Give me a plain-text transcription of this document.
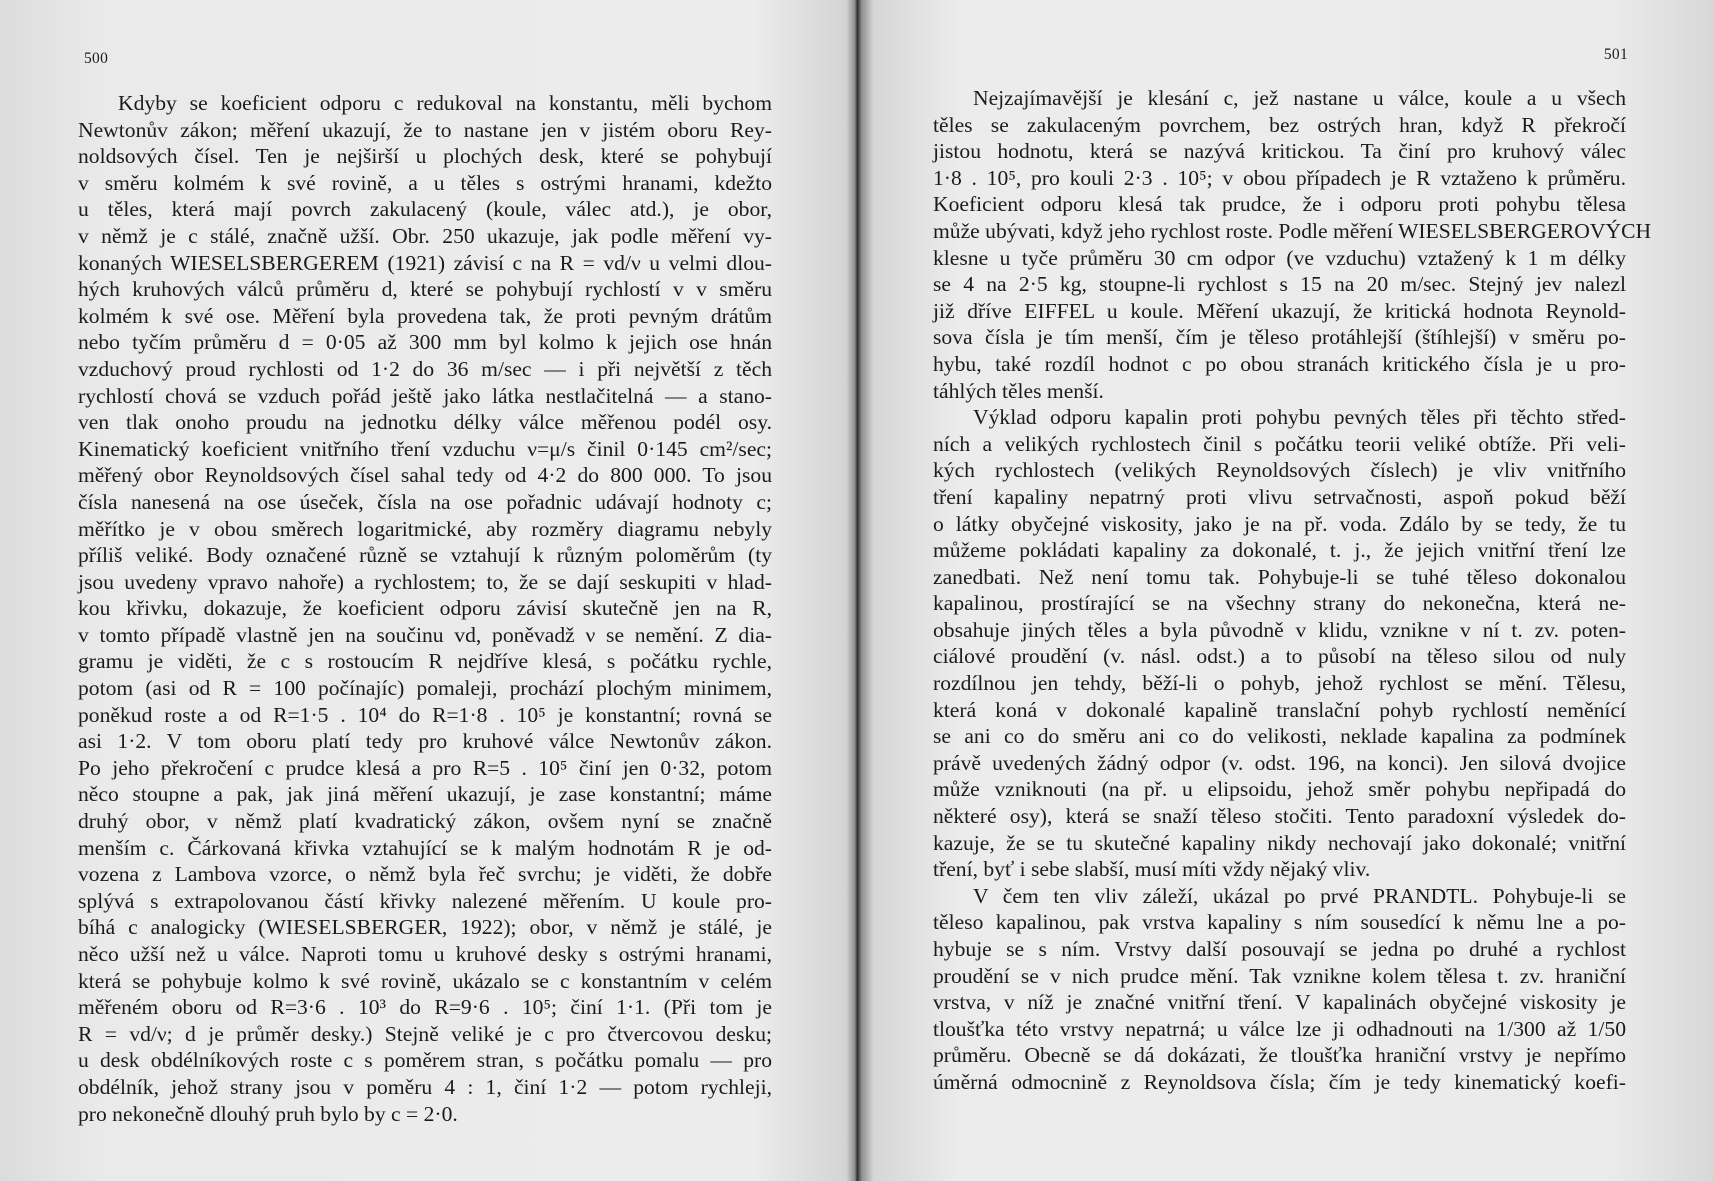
500
Kdyby se koeficient odporu c redukoval na konstantu, měli bychom
Newtonův zákon; měření ukazují, že to nastane jen v jistém oboru Rey-
noldsových čísel. Ten je nejširší u plochých desk, které se pohybují
v směru kolmém k své rovině, a u těles s ostrými hranami, kdežto
u těles, která mají povrch zakulacený (koule, válec atd.), je obor,
v němž je c stálé, značně užší. Obr. 250 ukazuje, jak podle měření vy-
konaných WIESELSBERGEREM (1921) závisí c na R = vd/ν u velmi dlou-
hých kruhových válců průměru d, které se pohybují rychlostí v v směru
kolmém k své ose. Měření byla provedena tak, že proti pevným drátům
nebo tyčím průměru d = 0·05 až 300 mm byl kolmo k jejich ose hnán
vzduchový proud rychlosti od 1·2 do 36 m/sec — i při největší z těch
rychlostí chová se vzduch pořád ještě jako látka nestlačitelná — a stano-
ven tlak onoho proudu na jednotku délky válce měřenou podél osy.
Kinematický koeficient vnitřního tření vzduchu ν=μ/s činil 0·145 cm²/sec;
měřený obor Reynoldsových čísel sahal tedy od 4·2 do 800 000. To jsou
čísla nanesená na ose úseček, čísla na ose pořadnic udávají hodnoty c;
měřítko je v obou směrech logaritmické, aby rozměry diagramu nebyly
příliš veliké. Body označené různě se vztahují k různým poloměrům (ty
jsou uvedeny vpravo nahoře) a rychlostem; to, že se dají seskupiti v hlad-
kou křivku, dokazuje, že koeficient odporu závisí skutečně jen na R,
v tomto případě vlastně jen na součinu vd, poněvadž ν se nemění. Z dia-
gramu je viděti, že c s rostoucím R nejdříve klesá, s počátku rychle,
potom (asi od R = 100 počínajíc) pomaleji, prochází plochým minimem,
poněkud roste a od R=1·5 . 10⁴ do R=1·8 . 10⁵ je konstantní; rovná se
asi 1·2. V tom oboru platí tedy pro kruhové válce Newtonův zákon.
Po jeho překročení c prudce klesá a pro R=5 . 10⁵ činí jen 0·32, potom
něco stoupne a pak, jak jiná měření ukazují, je zase konstantní; máme
druhý obor, v němž platí kvadratický zákon, ovšem nyní se značně
menším c. Čárkovaná křivka vztahující se k malým hodnotám R je od-
vozena z Lambova vzorce, o němž byla řeč svrchu; je viděti, že dobře
splývá s extrapolovanou částí křivky nalezené měřením. U koule pro-
bíhá c analogicky (WIESELSBERGER, 1922); obor, v němž je stálé, je
něco užší než u válce. Naproti tomu u kruhové desky s ostrými hranami,
která se pohybuje kolmo k své rovině, ukázalo se c konstantním v celém
měřeném oboru od R=3·6 . 10³ do R=9·6 . 10⁵; činí 1·1. (Při tom je
R = vd/ν; d je průměr desky.) Stejně veliké je c pro čtvercovou desku;
u desk obdélníkových roste c s poměrem stran, s počátku pomalu — pro
obdélník, jehož strany jsou v poměru 4 : 1, činí 1·2 — potom rychleji,
pro nekonečně dlouhý pruh bylo by c = 2·0.
501
Nejzajímavější je klesání c, jež nastane u válce, koule a u všech
těles se zakulaceným povrchem, bez ostrých hran, když R překročí
jistou hodnotu, která se nazývá kritickou. Ta činí pro kruhový válec
1·8 . 10⁵, pro kouli 2·3 . 10⁵; v obou případech je R vztaženo k průměru.
Koeficient odporu klesá tak prudce, že i odporu proti pohybu tělesa
může ubývati, když jeho rychlost roste. Podle měření WIESELSBERGEROVÝCH
klesne u tyče průměru 30 cm odpor (ve vzduchu) vztažený k 1 m délky
se 4 na 2·5 kg, stoupne-li rychlost s 15 na 20 m/sec. Stejný jev nalezl
již dříve EIFFEL u koule. Měření ukazují, že kritická hodnota Reynold-
sova čísla je tím menší, čím je těleso protáhlejší (štíhlejší) v směru po-
hybu, také rozdíl hodnot c po obou stranách kritického čísla je u pro-
táhlých těles menší.
Výklad odporu kapalin proti pohybu pevných těles při těchto střed-
ních a velikých rychlostech činil s počátku teorii veliké obtíže. Při veli-
kých rychlostech (velikých Reynoldsových číslech) je vliv vnitřního
tření kapaliny nepatrný proti vlivu setrvačnosti, aspoň pokud běží
o látky obyčejné viskosity, jako je na př. voda. Zdálo by se tedy, že tu
můžeme pokládati kapaliny za dokonalé, t. j., že jejich vnitřní tření lze
zanedbati. Než není tomu tak. Pohybuje-li se tuhé těleso dokonalou
kapalinou, prostírající se na všechny strany do nekonečna, která ne-
obsahuje jiných těles a byla původně v klidu, vznikne v ní t. zv. poten-
ciálové proudění (v. násl. odst.) a to působí na těleso silou od nuly
rozdílnou jen tehdy, běží-li o pohyb, jehož rychlost se mění. Tělesu,
která koná v dokonalé kapalině translační pohyb rychlostí neměnící
se ani co do směru ani co do velikosti, neklade kapalina za podmínek
právě uvedených žádný odpor (v. odst. 196, na konci). Jen silová dvojice
může vzniknouti (na př. u elipsoidu, jehož směr pohybu nepřipadá do
některé osy), která se snaží těleso stočiti. Tento paradoxní výsledek do-
kazuje, že se tu skutečné kapaliny nikdy nechovají jako dokonalé; vnitřní
tření, byť i sebe slabší, musí míti vždy nějaký vliv.
V čem ten vliv záleží, ukázal po prvé PRANDTL. Pohybuje-li se
těleso kapalinou, pak vrstva kapaliny s ním sousedící k němu lne a po-
hybuje se s ním. Vrstvy další posouvají se jedna po druhé a rychlost
proudění se v nich prudce mění. Tak vznikne kolem tělesa t. zv. hraniční
vrstva, v níž je značné vnitřní tření. V kapalinách obyčejné viskosity je
tloušťka této vrstvy nepatrná; u válce lze ji odhadnouti na 1/300 až 1/50
průměru. Obecně se dá dokázati, že tloušťka hraniční vrstvy je nepřímo
úměrná odmocnině z Reynoldsova čísla; čím je tedy kinematický koefi-
